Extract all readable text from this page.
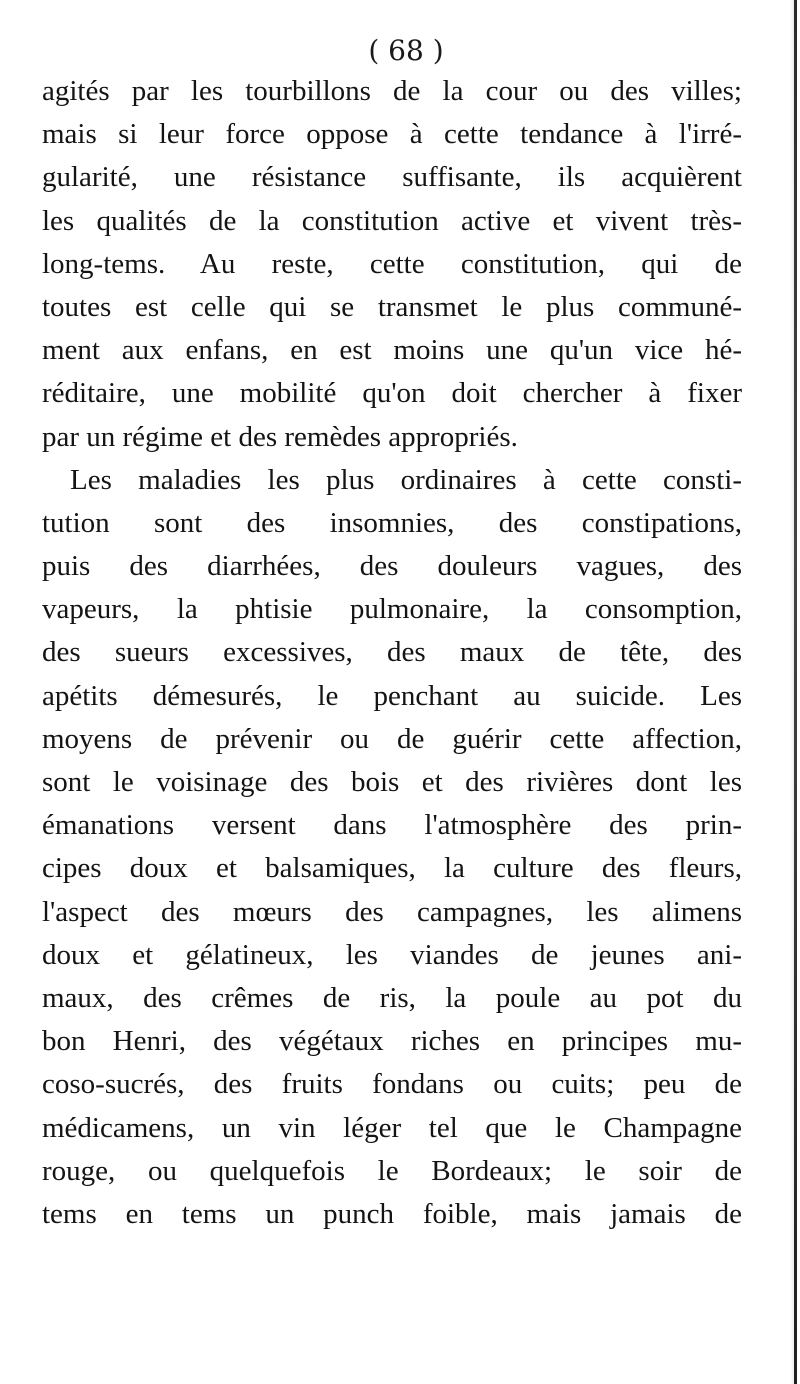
( 68 )
agités par les tourbillons de la cour ou des villes;
mais si leur force oppose à cette tendance à l'irré-
gularité, une résistance suffisante, ils acquièrent
les qualités de la constitution active et vivent très-
long-tems. Au reste, cette constitution, qui de
toutes est celle qui se transmet le plus communé-
ment aux enfans, en est moins une qu'un vice hé-
réditaire, une mobilité qu'on doit chercher à fixer
par un régime et des remèdes appropriés.
Les maladies les plus ordinaires à cette consti-
tution sont des insomnies, des constipations,
puis des diarrhées, des douleurs vagues, des
vapeurs, la phtisie pulmonaire, la consomption,
des sueurs excessives, des maux de tête, des
apétits démesurés, le penchant au suicide. Les
moyens de prévenir ou de guérir cette affection,
sont le voisinage des bois et des rivières dont les
émanations versent dans l'atmosphère des prin-
cipes doux et balsamiques, la culture des fleurs,
l'aspect des mœurs des campagnes, les alimens
doux et gélatineux, les viandes de jeunes ani-
maux, des crêmes de ris, la poule au pot du
bon Henri, des végétaux riches en principes mu-
coso-sucrés, des fruits fondans ou cuits; peu de
médicamens, un vin léger tel que le Champagne
rouge, ou quelquefois le Bordeaux; le soir de
tems en tems un punch foible, mais jamais de
